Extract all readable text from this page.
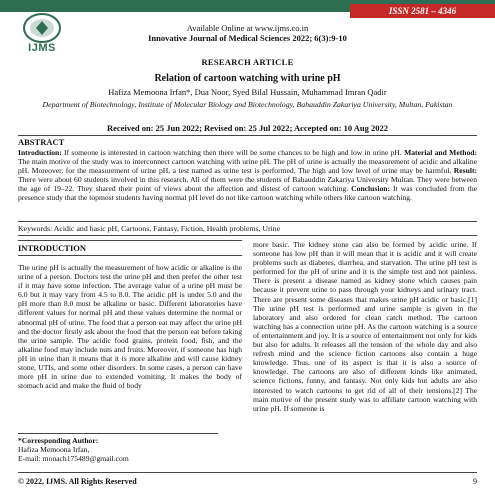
ISSN 2581 – 4346
IJMS
Available Online at www.ijms.co.in
Innovative Journal of Medical Sciences 2022; 6(3):9-10
RESEARCH ARTICLE
Relation of cartoon watching with urine pH
Hafiza Memoona Irfan*, Dua Noor, Syed Bilal Hussain, Muhammad Imran Qadir
Department of Biotechnology, Institute of Molecular Biology and Biotechnology, Bahauddin Zakariya University, Multan, Pakistan
Received on: 25 Jun 2022; Revised on: 25 Jul 2022; Accepted on: 10 Aug 2022
ABSTRACT
Introduction: If someone is interested in cartoon watching then there will be some chances to be high and low in urine pH. Material and Method: The main motive of the study was to interconnect cartoon watching with urine pH. The pH of urine is actually the measurement of acidic and alkaline pH. Moreover, for the measurement of urine pH, a test named as urine test is performed. The high and low level of urine may be harmful. Result: There were about 60 students involved in this research. All of them were the students of Bahauddin Zakariya University Multan. They were between the age of 19–22. They shared their point of views about the affection and distest of cartoon watching. Conclusion: It was concluded from the presence study that the topmost students having normal pH level do not like cartoon watching while others like cartoon watching.
Keywords: Acidic and basic pH, Cartoons, Fantasy, Fiction, Health problems, Urine
INTRODUCTION
The urine pH is actually the measurement of how acidic or alkaline is the urine of a person. Doctors test the urine pH and then prefer the other test if it may have some infection. The average value of a urine pH must be 6.0 but it may vary from 4.5 to 8.0. The acidic pH is under 5.0 and the pH more than 8.0 must be alkaline or basic. Different laboratories have different values for normal pH and these values determine the normal or abnormal pH of urine. The food that a person eat may affect the urine pH and the doctor firstly ask about the food that the person eat before taking the urine sample. The acidic food grains, protein food, fish, and the alkaline food may include nuts and fruits. Moreover, if someone has high pH in urine than it means that it is more alkaline and will cause kidney stone, UTIs, and some other disorders. In some cases, a person can have more pH in urine due to extended vomiting. It makes the body of stomach acid and make the fluid of body
more basic. The kidney stone can also be formed by acidic urine. If someone has low pH than it will mean that it is acidic and it will create problems such as diabetes, diarrhea, and starvation. The urine pH test is performed for the pH of urine and it is the simple test and not painless. There is present a disease named as kidney stone which causes pain because it prevent urine to pass through your kidneys and urinary tract. There are present some diseases that makes urine pH acidic or basic.[1] The urine pH test is performed and urine sample is given in the laboratory and also ordered for clean catch method. The cartoon watching has a connection urine pH. As the cartoon watching is a source of entertainment and joy. It is a source of entertainment not only for kids but also for adults. It releases all the tension of the whole day and also refresh mind and the science fiction cartoons also contain a huge knowledge. Thus, one of its aspect is that it is also a source of knowledge. The cartoons are also of different kinds like animated, science fictions, funny, and fantasy. Not only kids but adults are also interested to watch cartoons to get rid of all of their tensions.[2] The main motive of the present study was to affiliate cartoon watching with urine pH. If someone is
*Corresponding Author:
Hafiza Memoona Irfan,
E-mail: monach175489@gmail.com
© 2022, IJMS. All Rights Reserved	9
